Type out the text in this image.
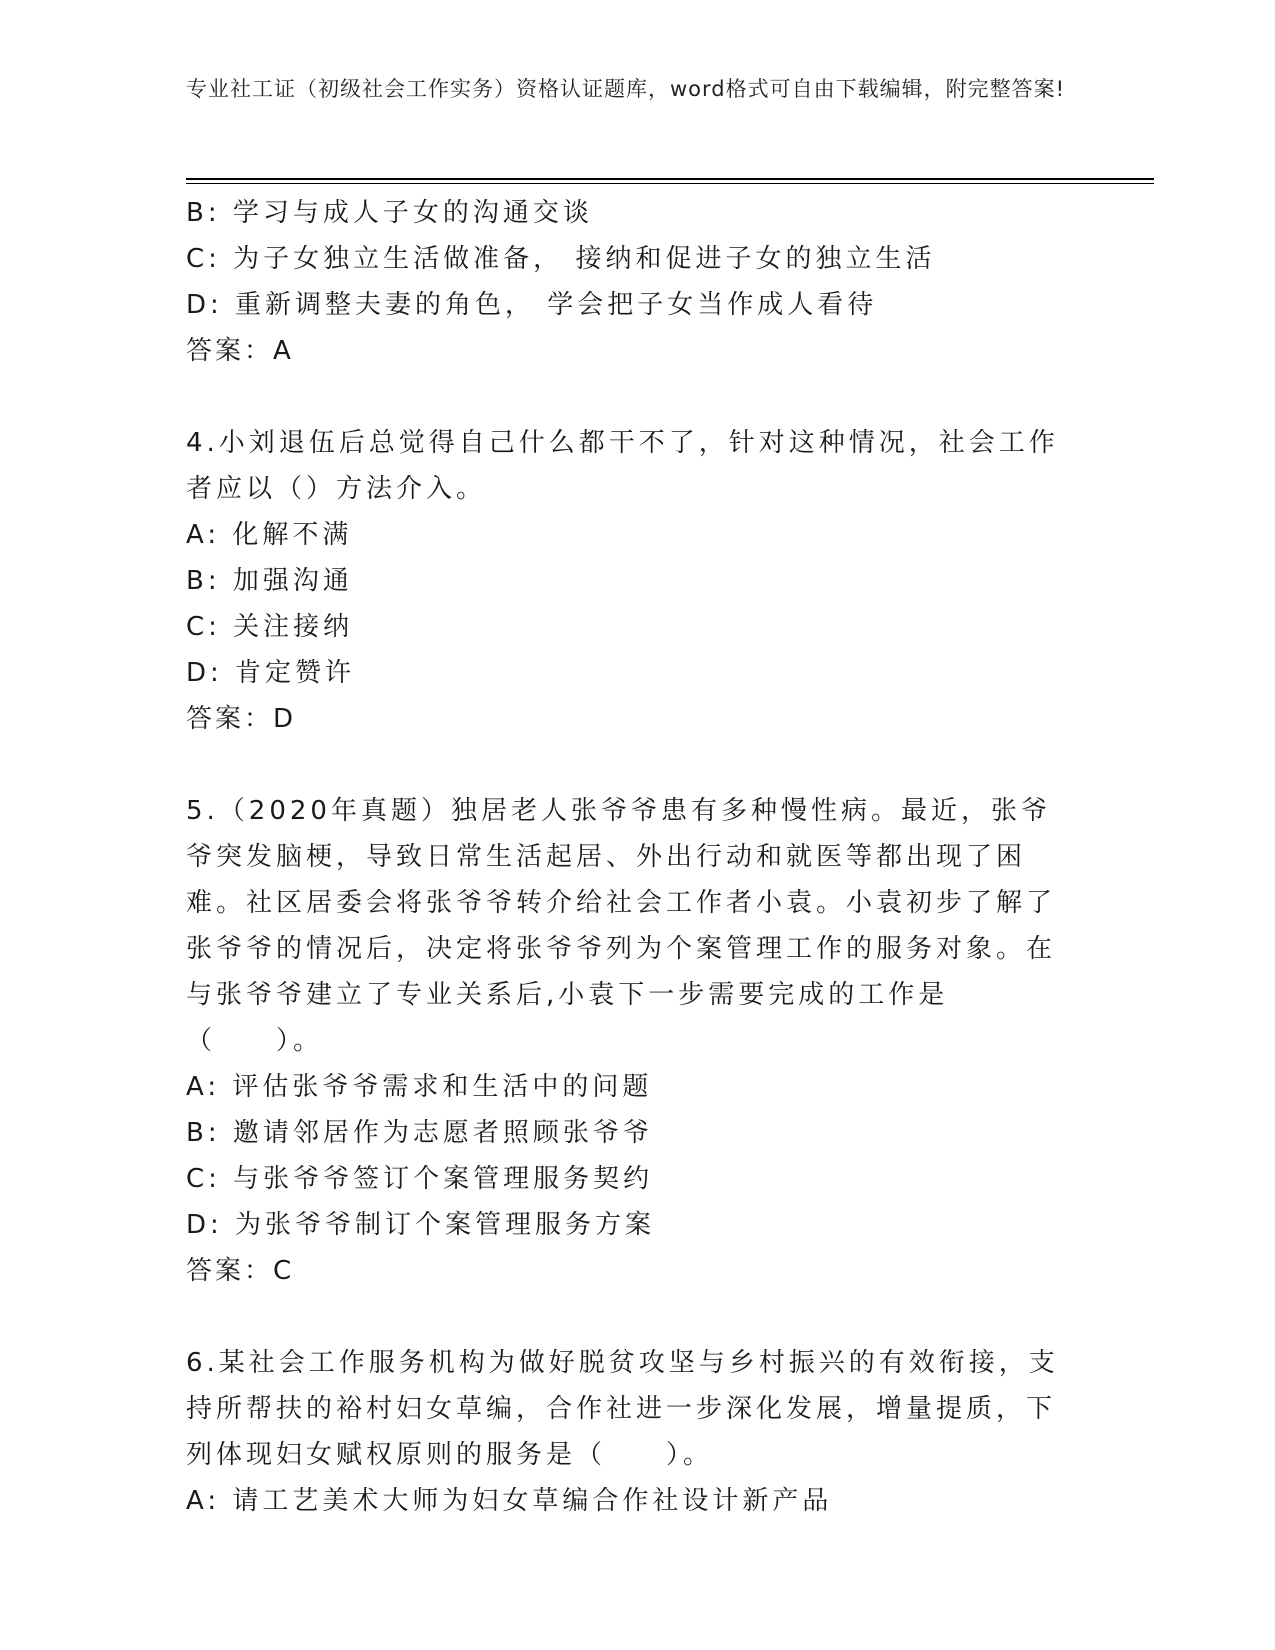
专业社工证（初级社会工作实务）资格认证题库，word格式可自由下载编辑，附完整答案!
B: 学习与成人子女的沟通交谈
C: 为子女独立生活做准备， 接纳和促进子女的独立生活
D: 重新调整夫妻的角色， 学会把子女当作成人看待
答案：A
4.小刘退伍后总觉得自己什么都干不了，针对这种情况，社会工作者应以（）方法介入。
A: 化解不满
B: 加强沟通
C: 关注接纳
D: 肯定赞许
答案：D
5.（2020年真题）独居老人张爷爷患有多种慢性病。最近，张爷爷突发脑梗，导致日常生活起居、外出行动和就医等都出现了困难。社区居委会将张爷爷转介给社会工作者小袁。小袁初步了解了张爷爷的情况后，决定将张爷爷列为个案管理工作的服务对象。在与张爷爷建立了专业关系后,小袁下一步需要完成的工作是（　　）。
A: 评估张爷爷需求和生活中的问题
B: 邀请邻居作为志愿者照顾张爷爷
C: 与张爷爷签订个案管理服务契约
D: 为张爷爷制订个案管理服务方案
答案：C
6.某社会工作服务机构为做好脱贫攻坚与乡村振兴的有效衔接，支持所帮扶的裕村妇女草编，合作社进一步深化发展，增量提质，下列体现妇女赋权原则的服务是（　　）。
A: 请工艺美术大师为妇女草编合作社设计新产品
